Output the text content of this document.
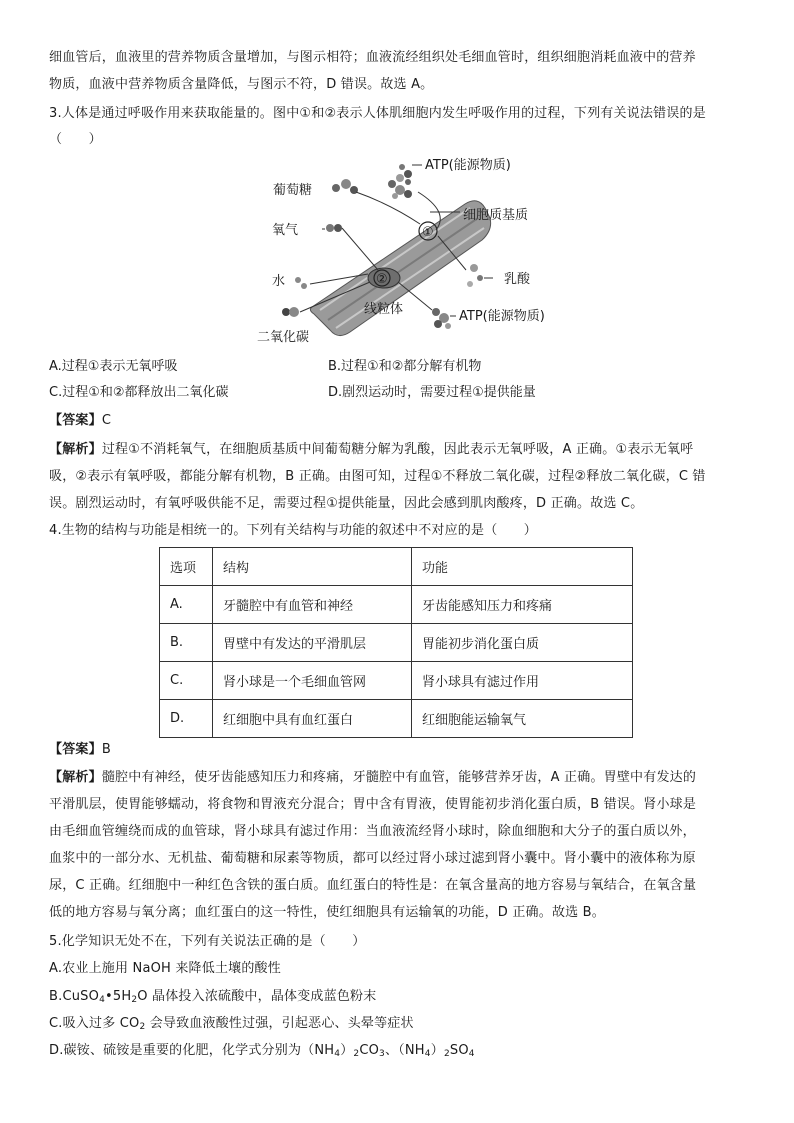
细血管后，血液里的营养物质含量增加，与图示相符；血液流经组织处毛细血管时，组织细胞消耗血液中的营养
物质，血液中营养物质含量降低，与图示不符，D 错误。故选 A。
3.人体是通过呼吸作用来获取能量的。图中①和②表示人体肌细胞内发生呼吸作用的过程，下列有关说法错误的是
（　　）
ATP(能源物质)
葡萄糖
细胞质基质
氧气	①
水	②	乳酸
线粒体	ATP(能源物质)
二氧化碳
A.过程①表示无氧呼吸	B.过程①和②都分解有机物
C.过程①和②都释放出二氧化碳	D.剧烈运动时，需要过程①提供能量
【答案】C
【解析】过程①不消耗氧气，在细胞质基质中间葡萄糖分解为乳酸，因此表示无氧呼吸，A 正确。①表示无氧呼
吸，②表示有氧呼吸，都能分解有机物，B 正确。由图可知，过程①不释放二氧化碳，过程②释放二氧化碳，C 错
误。剧烈运动时，有氧呼吸供能不足，需要过程①提供能量，因此会感到肌肉酸疼，D 正确。故选 C。
4.生物的结构与功能是相统一的。下列有关结构与功能的叙述中不对应的是（　　）
选项	结构	功能
A.	牙髓腔中有血管和神经	牙齿能感知压力和疼痛
B.	胃壁中有发达的平滑肌层	胃能初步消化蛋白质
C.	肾小球是一个毛细血管网	肾小球具有滤过作用
D.	红细胞中具有血红蛋白	红细胞能运输氧气
【答案】B
【解析】髓腔中有神经，使牙齿能感知压力和疼痛，牙髓腔中有血管，能够营养牙齿，A 正确。胃壁中有发达的
平滑肌层，使胃能够蠕动，将食物和胃液充分混合；胃中含有胃液，使胃能初步消化蛋白质，B 错误。肾小球是
由毛细血管缠绕而成的血管球，肾小球具有滤过作用：当血液流经肾小球时，除血细胞和大分子的蛋白质以外，
血浆中的一部分水、无机盐、葡萄糖和尿素等物质，都可以经过肾小球过滤到肾小囊中。肾小囊中的液体称为原
尿，C 正确。红细胞中一种红色含铁的蛋白质。血红蛋白的特性是：在氧含量高的地方容易与氧结合，在氧含量
低的地方容易与氧分离；血红蛋白的这一特性，使红细胞具有运输氧的功能，D 正确。故选 B。
5.化学知识无处不在，下列有关说法正确的是（　　）
A.农业上施用 NaOH 来降低土壤的酸性
$B.CuSO_4•5H_2O$ 晶体投入浓硫酸中，晶体变成蓝色粉末
C.吸入过多 $CO_2$ 会导致血液酸性过强，引起恶心、头晕等症状
D.碳铵、硫铵是重要的化肥，化学式分别为$(NH_4)_2CO_3$、$(NH_4)_2SO_4$
